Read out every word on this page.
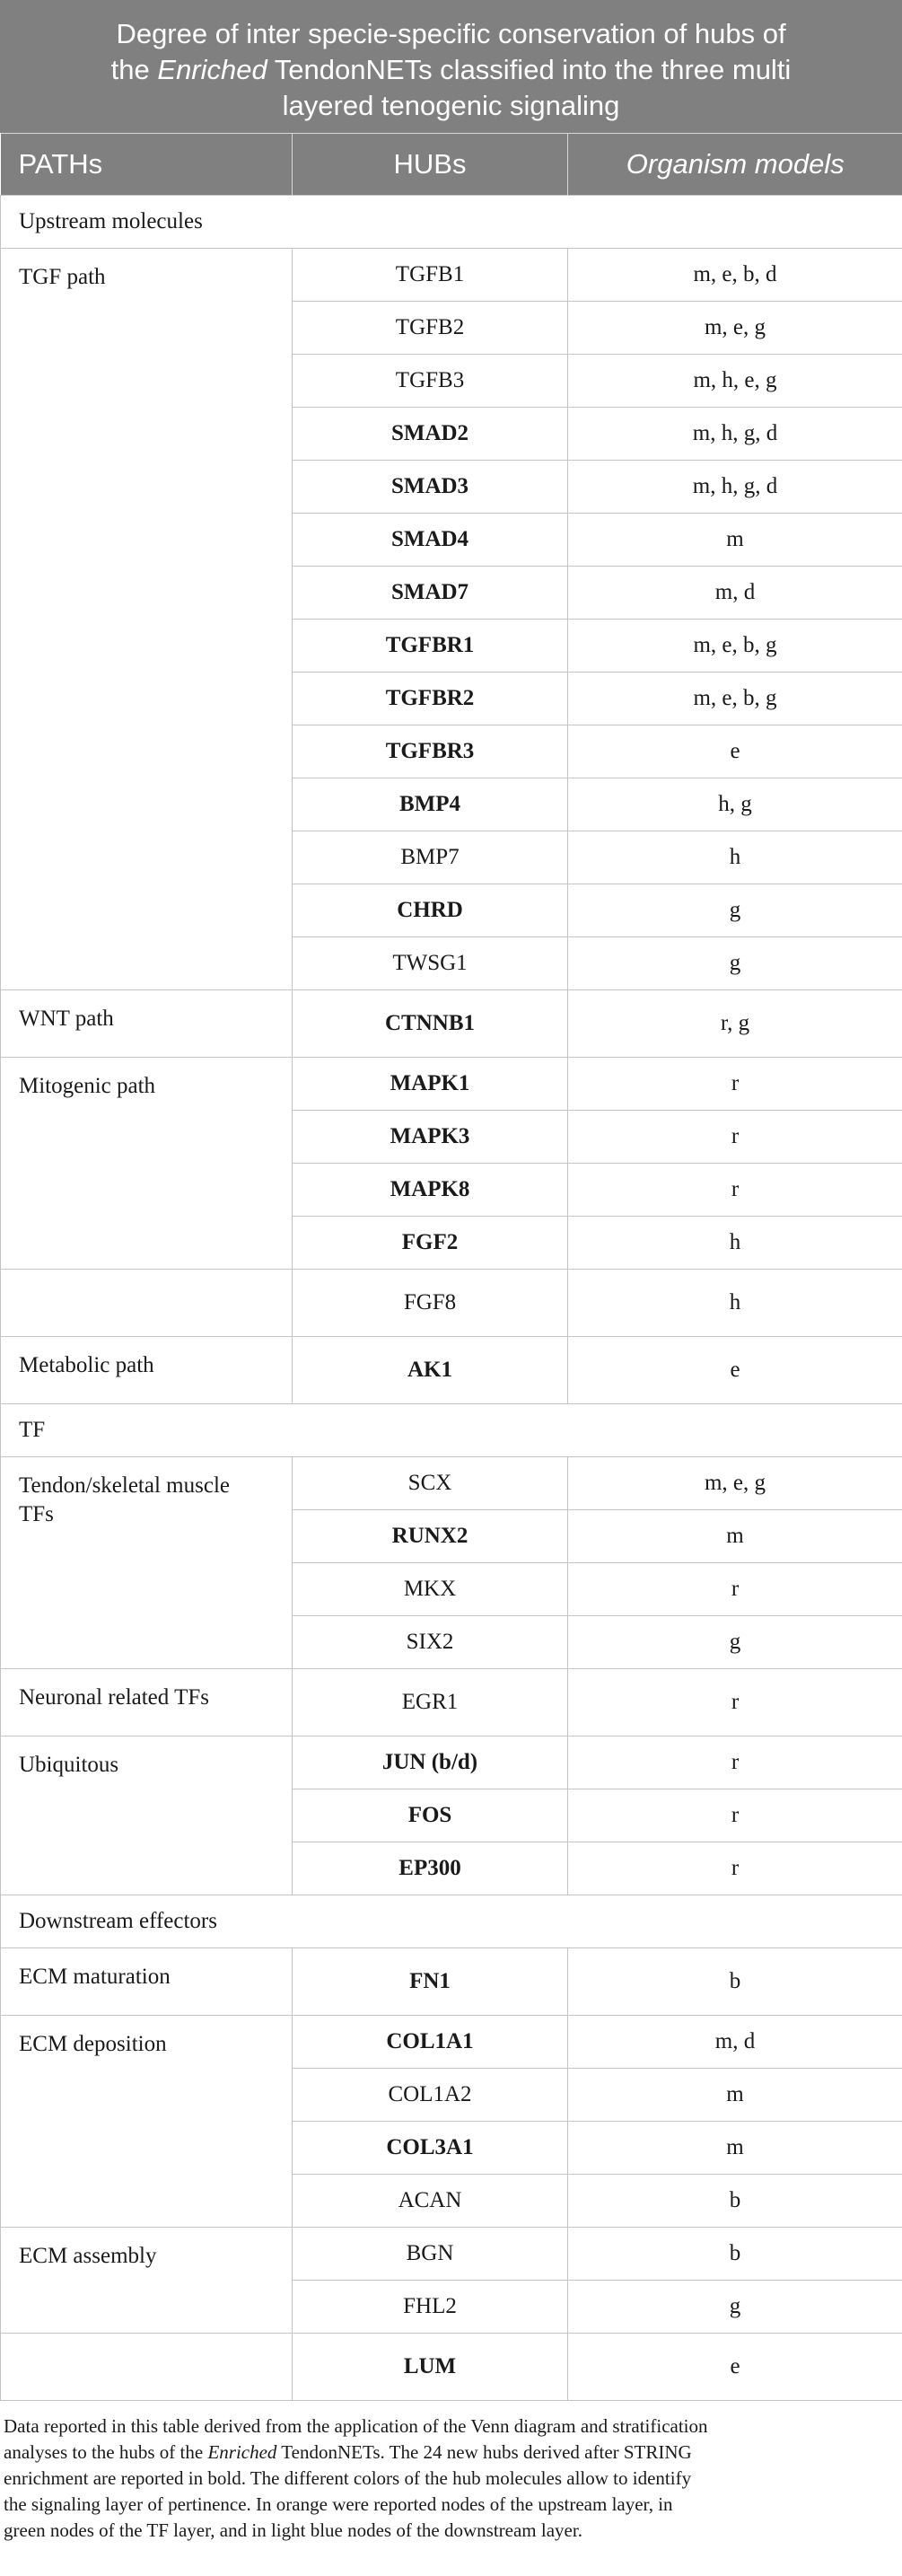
Degree of inter specie-specific conservation of hubs of
the Enriched TendonNETs classified into the three multi
layered tenogenic signaling
PATHs	HUBs	Organism models
Upstream molecules		
TGF path	TGFB1	m, e, b, d
	TGFB2	m, e, g
	TGFB3	m, h, e, g
	SMAD2	m, h, g, d
	SMAD3	m, h, g, d
	SMAD4	m
	SMAD7	m, d
	TGFBR1	m, e, b, g
	TGFBR2	m, e, b, g
	TGFBR3	e
	BMP4	h, g
	BMP7	h
	CHRD	g
	TWSG1	g
WNT path	CTNNB1	r, g
Mitogenic path	MAPK1	r
	MAPK3	r
	MAPK8	r
	FGF2	h
	FGF8	h
Metabolic path	AK1	e
TF		
Tendon/skeletal muscle
TFs	SCX	m, e, g
	RUNX2	m
	MKX	r
	SIX2	g
Neuronal related TFs	EGR1	r
Ubiquitous	JUN (b/d)	r
	FOS	r
	EP300	r
Downstream effectors		
ECM maturation	FN1	b
ECM deposition	COL1A1	m, d
	COL1A2	m
	COL3A1	m
	ACAN	b
ECM assembly	BGN	b
	FHL2	g
	LUM	e
Data reported in this table derived from the application of the Venn diagram and stratification
analyses to the hubs of the Enriched TendonNETs. The 24 new hubs derived after STRING
enrichment are reported in bold. The different colors of the hub molecules allow to identify
the signaling layer of pertinence. In orange were reported nodes of the upstream layer, in
green nodes of the TF layer, and in light blue nodes of the downstream layer.
